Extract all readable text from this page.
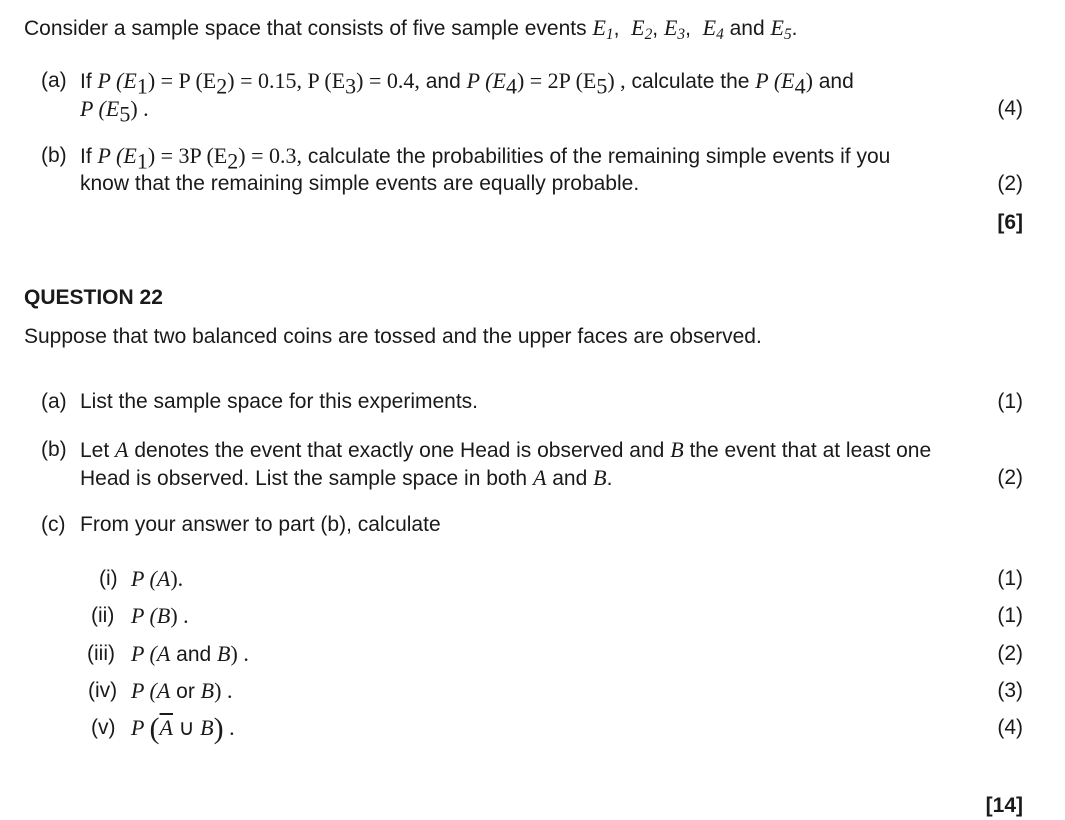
Consider a sample space that consists of five sample events $E_1$,  $E_2$, $E_3$,  $E_4$ and $E_5$.
(a) If P $(E_1) = P$ $(E_2) = 0.15$, P $(E_3) = 0.4$, and P $(E_4) = 2P$ $(E_5)$ , calculate the P $(E_4)$ and
P $(E_5)$ .	(4)
(b) If P $(E_1) = 3P$ $(E_2) = 0.3$, calculate the probabilities of the remaining simple events if you
know that the remaining simple events are equally probable.	(2)
[6]
QUESTION 22
Suppose that two balanced coins are tossed and the upper faces are observed.
(a) List the sample space for this experiments.	(1)
(b) Let A denotes the event that exactly one Head is observed and B the event that at least one
Head is observed. List the sample space in both A and B.	(2)
(c) From your answer to part (b), calculate
(i) P (A).	(1)
(ii) P (B) .	(1)
(iii) P (A and B) .	(2)
(iv) P (A or B) .	(3)
(v) P ($\overline{A}$ ∪ B) .	(4)
[14]
